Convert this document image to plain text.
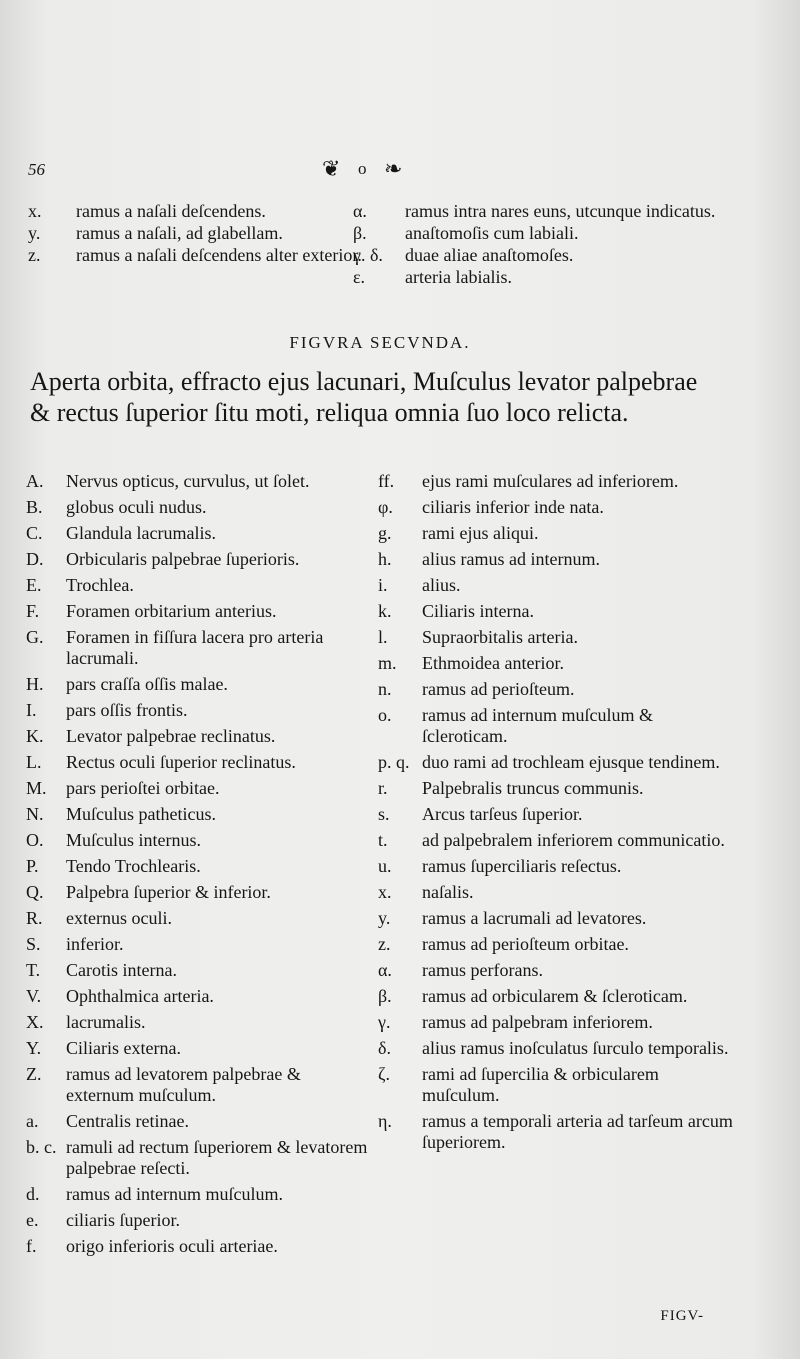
56	❦ o ❧
x.	ramus a naſali deſcendens.
y.	ramus a naſali, ad glabellam.
z.	ramus a naſali deſcendens alter exterior.
α.	ramus intra nares euns, utcunque indicatus.
β.	anaſtomoſis cum labiali.
γ. δ.	duae aliae anaſtomoſes.
ε.	arteria labialis.
FIGVRA SECVNDA.
Aperta orbita, effracto ejus lacunari, Muſculus levator palpebrae & rectus ſuperior ſitu moti, reliqua omnia ſuo loco relicta.
A.	Nervus opticus, curvulus, ut ſolet.
B.	globus oculi nudus.
C.	Glandula lacrumalis.
D.	Orbicularis palpebrae ſuperioris.
E.	Trochlea.
F.	Foramen orbitarium anterius.
G.	Foramen in fiſſura lacera pro arteria lacrumali.
H.	pars craſſa oſſis malae.
I.	pars oſſis frontis.
K.	Levator palpebrae reclinatus.
L.	Rectus oculi ſuperior reclinatus.
M.	pars perioſtei orbitae.
N.	Muſculus patheticus.
O.	Muſculus internus.
P.	Tendo Trochlearis.
Q.	Palpebra ſuperior & inferior.
R.	externus oculi.
S.	inferior.
T.	Carotis interna.
V.	Ophthalmica arteria.
X.	lacrumalis.
Y.	Ciliaris externa.
Z.	ramus ad levatorem palpebrae & externum muſculum.
a.	Centralis retinae.
b. c. ramuli ad rectum ſuperiorem & levatorem palpebrae reſecti.
d.	ramus ad internum muſculum.
e.	ciliaris ſuperior.
f.	origo inferioris oculi arteriae.
ff.	ejus rami muſculares ad inferiorem.
φ.	ciliaris inferior inde nata.
g.	rami ejus aliqui.
h.	alius ramus ad internum.
i.	alius.
k.	Ciliaris interna.
l.	Supraorbitalis arteria.
m.	Ethmoidea anterior.
n.	ramus ad perioſteum.
o.	ramus ad internum muſculum & ſcleroticam.
p. q. duo rami ad trochleam ejusque tendinem.
r.	Palpebralis truncus communis.
s.	Arcus tarſeus ſuperior.
t.	ad palpebralem inferiorem communicatio.
u.	ramus ſuperciliaris reſectus.
x.	naſalis.
y.	ramus a lacrumali ad levatores.
z.	ramus ad perioſteum orbitae.
α.	ramus perforans.
β.	ramus ad orbicularem & ſcleroticam.
γ.	ramus ad palpebram inferiorem.
δ.	alius ramus inoſculatus ſurculo temporalis.
ζ.	rami ad ſupercilia & orbicularem muſculum.
η.	ramus a temporali arteria ad tarſeum arcum ſuperiorem.
FIGV-
